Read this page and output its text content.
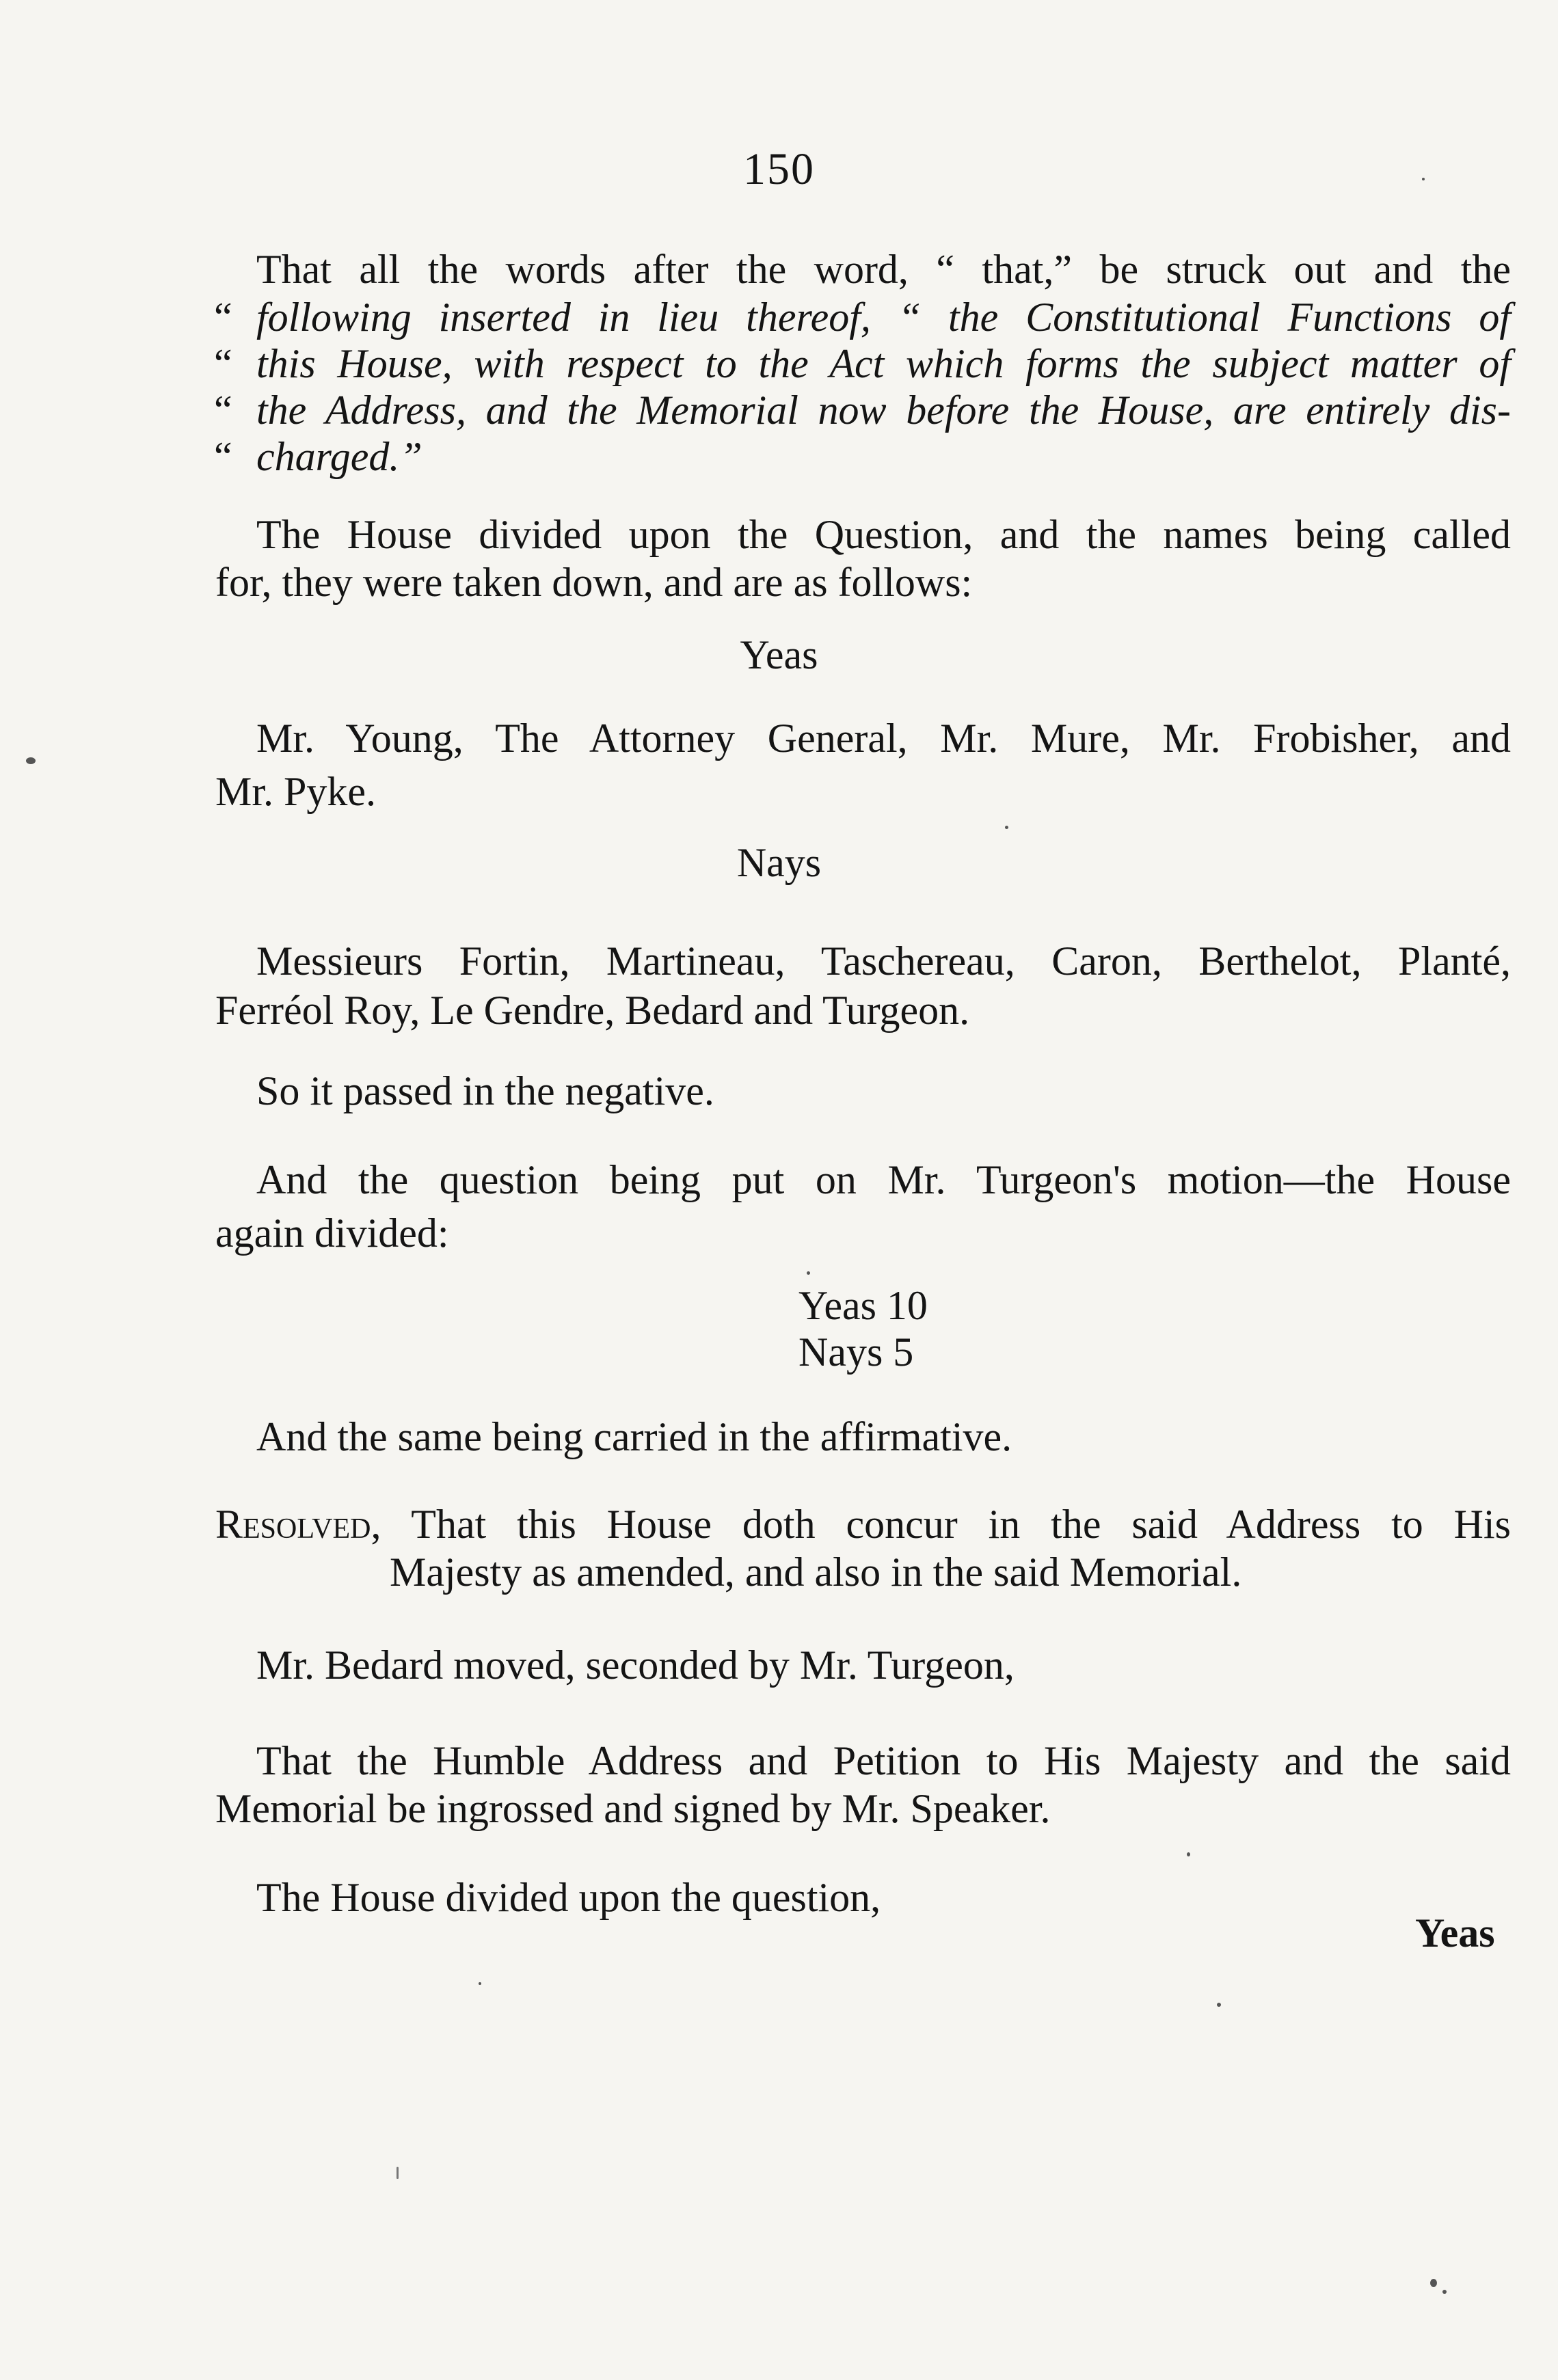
150
That all the words after the word, “ that,” be struck out and the
“ following inserted in lieu thereof, “ the Constitutional Functions of
“ this House, with respect to the Act which forms the subject matter of
“ the Address, and the Memorial now before the House, are entirely dis-
“ charged.”
The House divided upon the Question, and the names being called
for, they were taken down, and are as follows:
Yeas
Mr. Young, The Attorney General, Mr. Mure, Mr. Frobisher, and
Mr. Pyke.
Nays
Messieurs Fortin, Martineau, Taschereau, Caron, Berthelot, Planté,
Ferréol Roy, Le Gendre, Bedard and Turgeon.
So it passed in the negative.
And the question being put on Mr. Turgeon's motion—the House
again divided:
Yeas 10
Nays 5
And the same being carried in the affirmative.
Resolved, That this House doth concur in the said Address to His
Majesty as amended, and also in the said Memorial.
Mr. Bedard moved, seconded by Mr. Turgeon,
That the Humble Address and Petition to His Majesty and the said
Memorial be ingrossed and signed by Mr. Speaker.
The House divided upon the question,
Yeas
